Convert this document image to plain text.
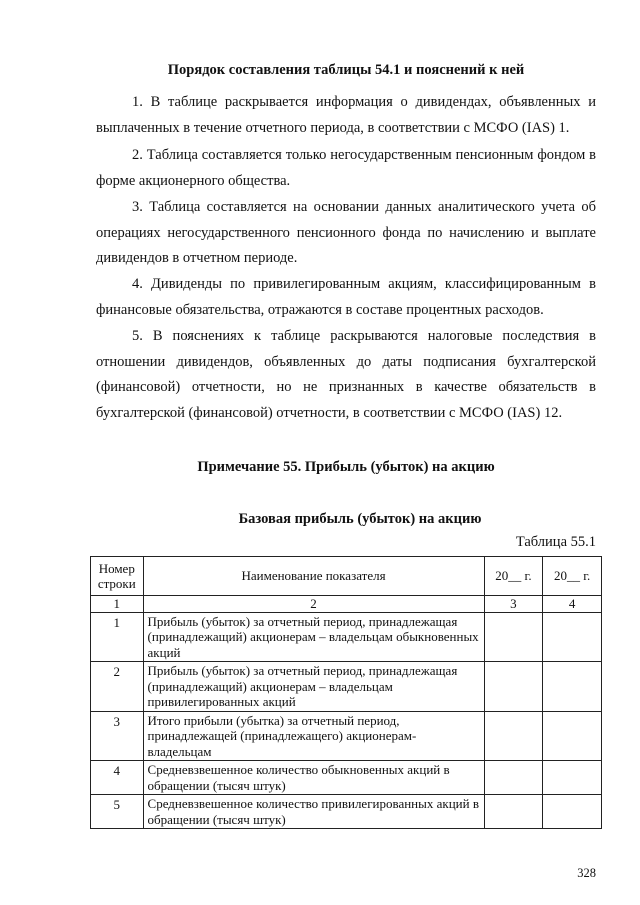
Порядок составления таблицы 54.1 и пояснений к ней

1. В таблице раскрывается информация о дивидендах, объявленных и выплаченных в течение отчетного периода, в соответствии с МСФО (IAS) 1.

2. Таблица составляется только негосударственным пенсионным фондом в форме акционерного общества.

3. Таблица составляется на основании данных аналитического учета об операциях негосударственного пенсионного фонда по начислению и выплате дивидендов в отчетном периоде.

4. Дивиденды по привилегированным акциям, классифицированным в финансовые обязательства, отражаются в составе процентных расходов.

5. В пояснениях к таблице раскрываются налоговые последствия в отношении дивидендов, объявленных до даты подписания бухгалтерской (финансовой) отчетности, но не признанных в качестве обязательств в бухгалтерской (финансовой) отчетности, в соответствии с МСФО (IAS) 12.

Примечание 55. Прибыль (убыток) на акцию
Базовая прибыль (убыток) на акцию
Таблица 55.1
Номер строки	Наименование показателя	20__ г.	20__ г.
1	2	3	4
1	Прибыль (убыток) за отчетный период, принадлежащая (принадлежащий) акционерам – владельцам обыкновенных акций		
2	Прибыль (убыток) за отчетный период, принадлежащая (принадлежащий) акционерам – владельцам привилегированных акций		
3	Итого прибыли (убытка) за отчетный период, принадлежащей (принадлежащего) акционерам-владельцам		
4	Средневзвешенное количество обыкновенных акций в обращении (тысяч штук)		
5	Средневзвешенное количество привилегированных акций в обращении (тысяч штук)		
328
